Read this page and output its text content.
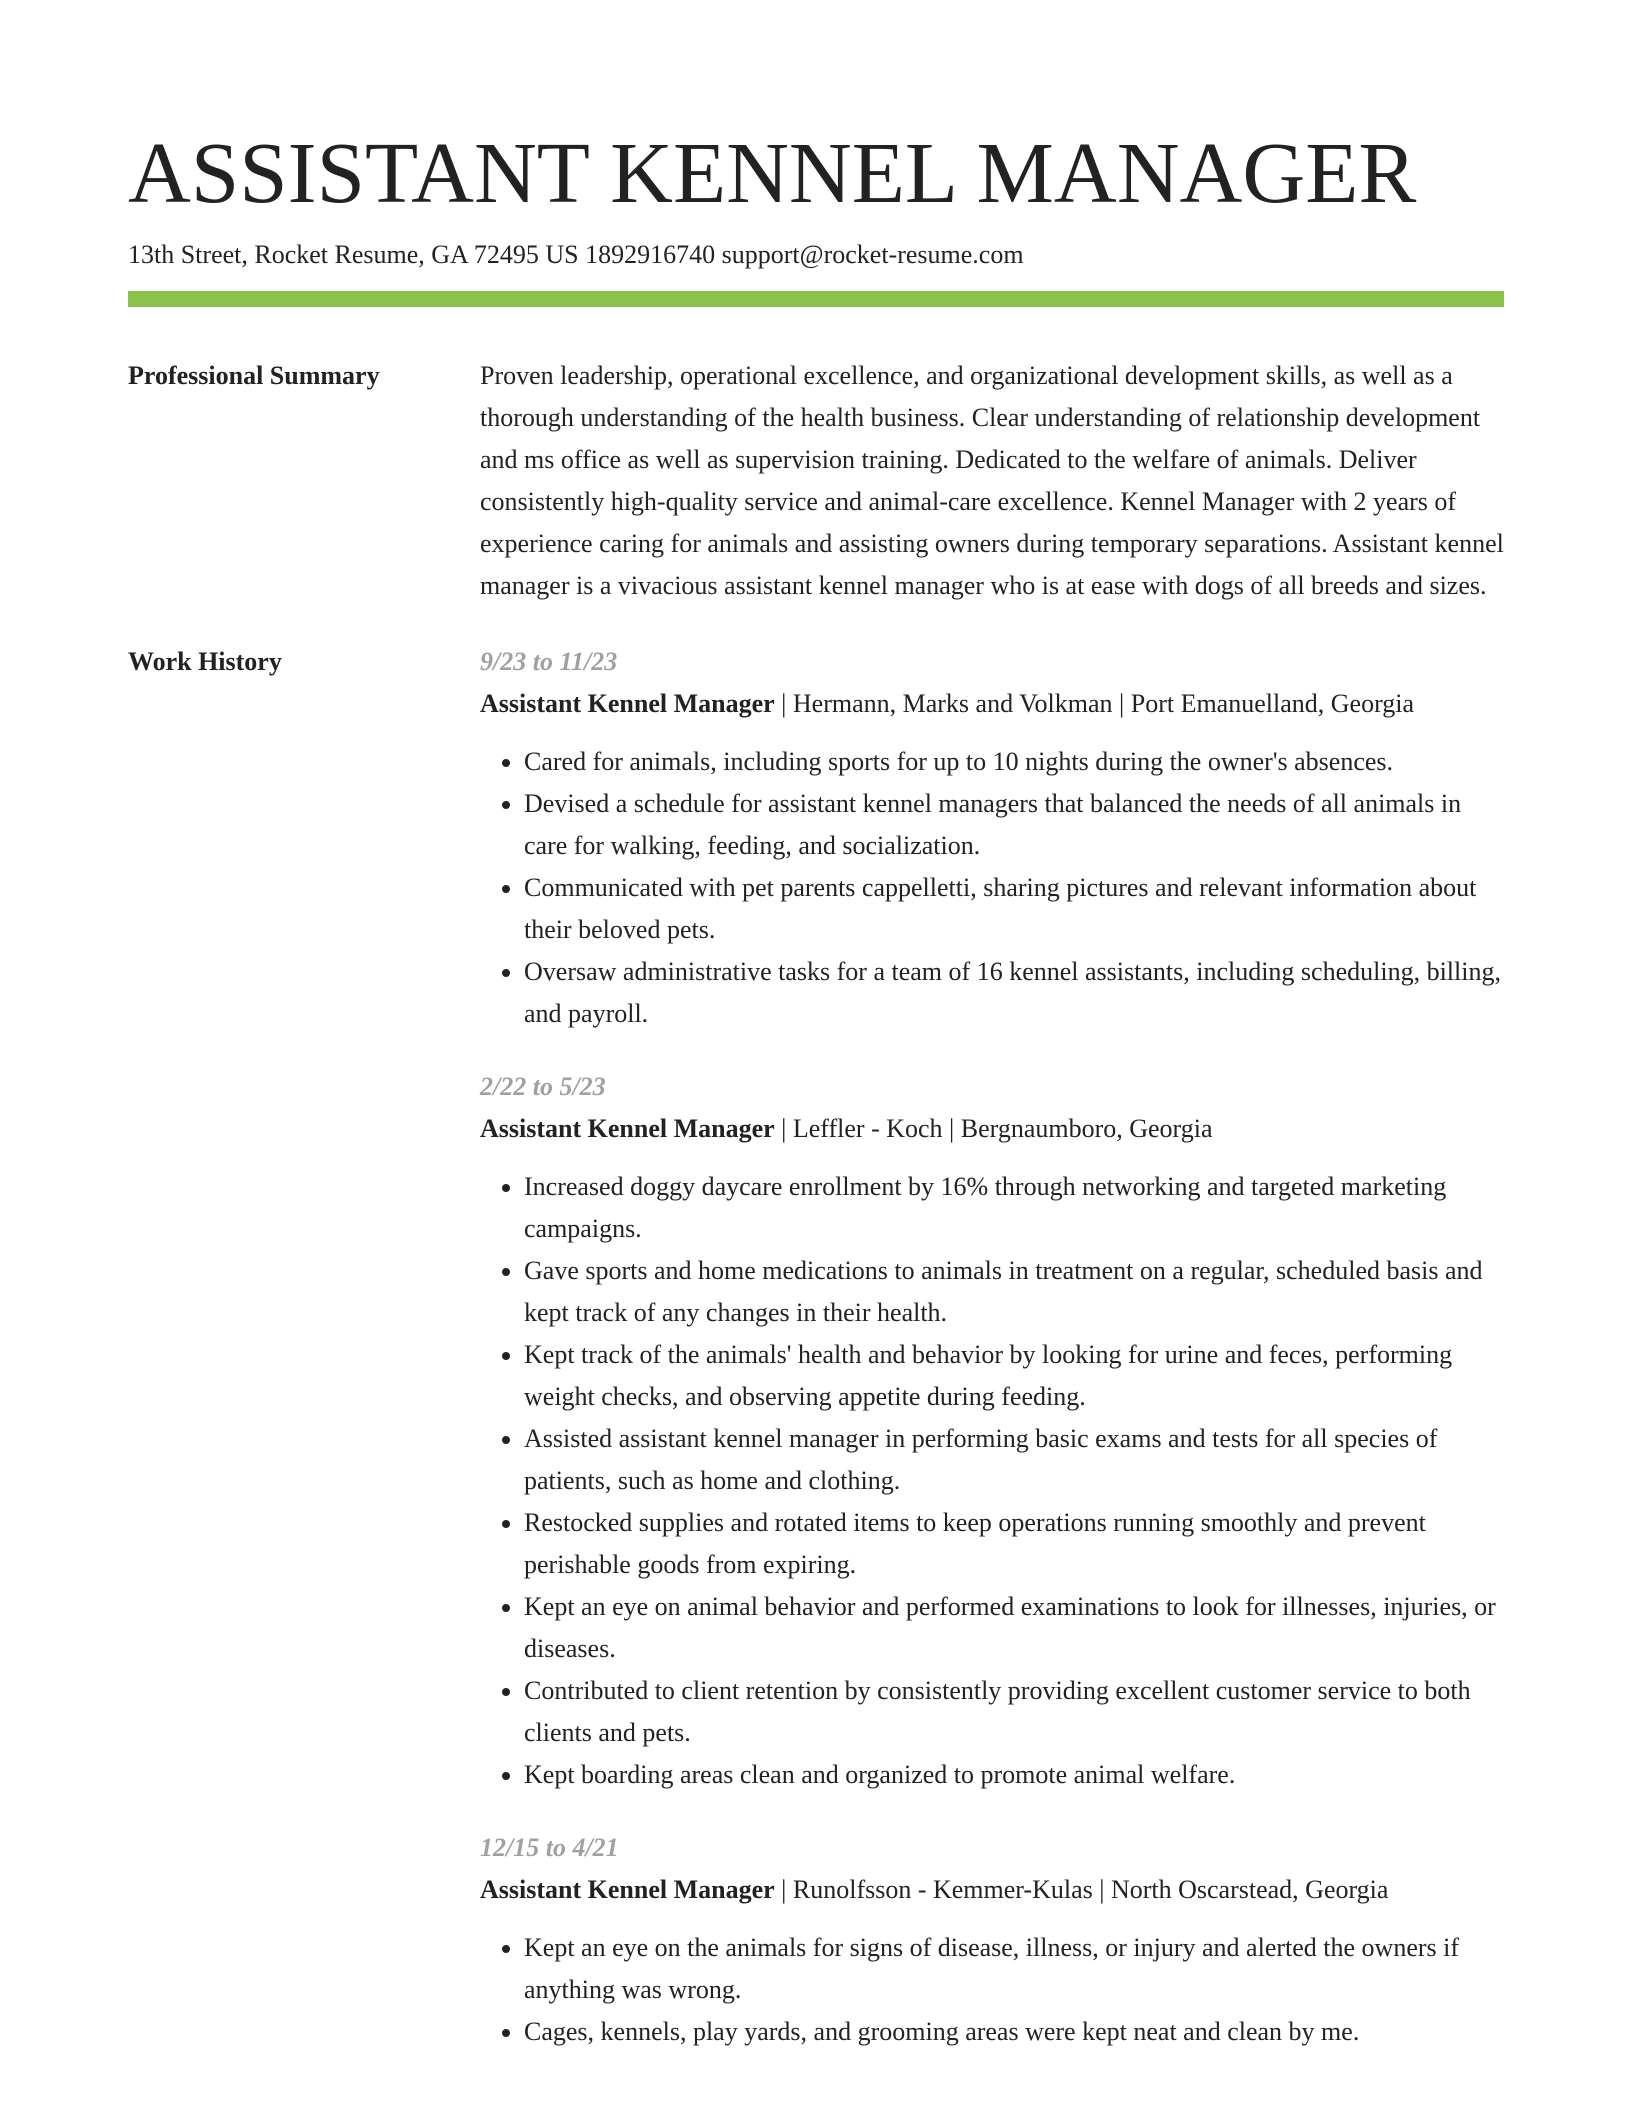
ASSISTANT KENNEL MANAGER
13th Street, Rocket Resume, GA 72495 US 1892916740 support@rocket-resume.com
Professional Summary	Proven leadership, operational excellence, and organizational development skills, as well as a thorough understanding of the health business. Clear understanding of relationship development and ms office as well as supervision training. Dedicated to the welfare of animals. Deliver consistently high-quality service and animal-care excellence. Kennel Manager with 2 years of experience caring for animals and assisting owners during temporary separations. Assistant kennel manager is a vivacious assistant kennel manager who is at ease with dogs of all breeds and sizes.

Work History	9/23 to 11/23
Assistant Kennel Manager | Hermann, Marks and Volkman | Port Emanuelland, Georgia
• Cared for animals, including sports for up to 10 nights during the owner's absences.
• Devised a schedule for assistant kennel managers that balanced the needs of all animals in care for walking, feeding, and socialization.
• Communicated with pet parents cappelletti, sharing pictures and relevant information about their beloved pets.
• Oversaw administrative tasks for a team of 16 kennel assistants, including scheduling, billing, and payroll.
2/22 to 5/23
Assistant Kennel Manager | Leffler - Koch | Bergnaumboro, Georgia
• Increased doggy daycare enrollment by 16% through networking and targeted marketing campaigns.
• Gave sports and home medications to animals in treatment on a regular, scheduled basis and kept track of any changes in their health.
• Kept track of the animals' health and behavior by looking for urine and feces, performing weight checks, and observing appetite during feeding.
• Assisted assistant kennel manager in performing basic exams and tests for all species of patients, such as home and clothing.
• Restocked supplies and rotated items to keep operations running smoothly and prevent perishable goods from expiring.
• Kept an eye on animal behavior and performed examinations to look for illnesses, injuries, or diseases.
• Contributed to client retention by consistently providing excellent customer service to both clients and pets.
• Kept boarding areas clean and organized to promote animal welfare.
12/15 to 4/21
Assistant Kennel Manager | Runolfsson - Kemmer-Kulas | North Oscarstead, Georgia
• Kept an eye on the animals for signs of disease, illness, or injury and alerted the owners if anything was wrong.
• Cages, kennels, play yards, and grooming areas were kept neat and clean by me.
